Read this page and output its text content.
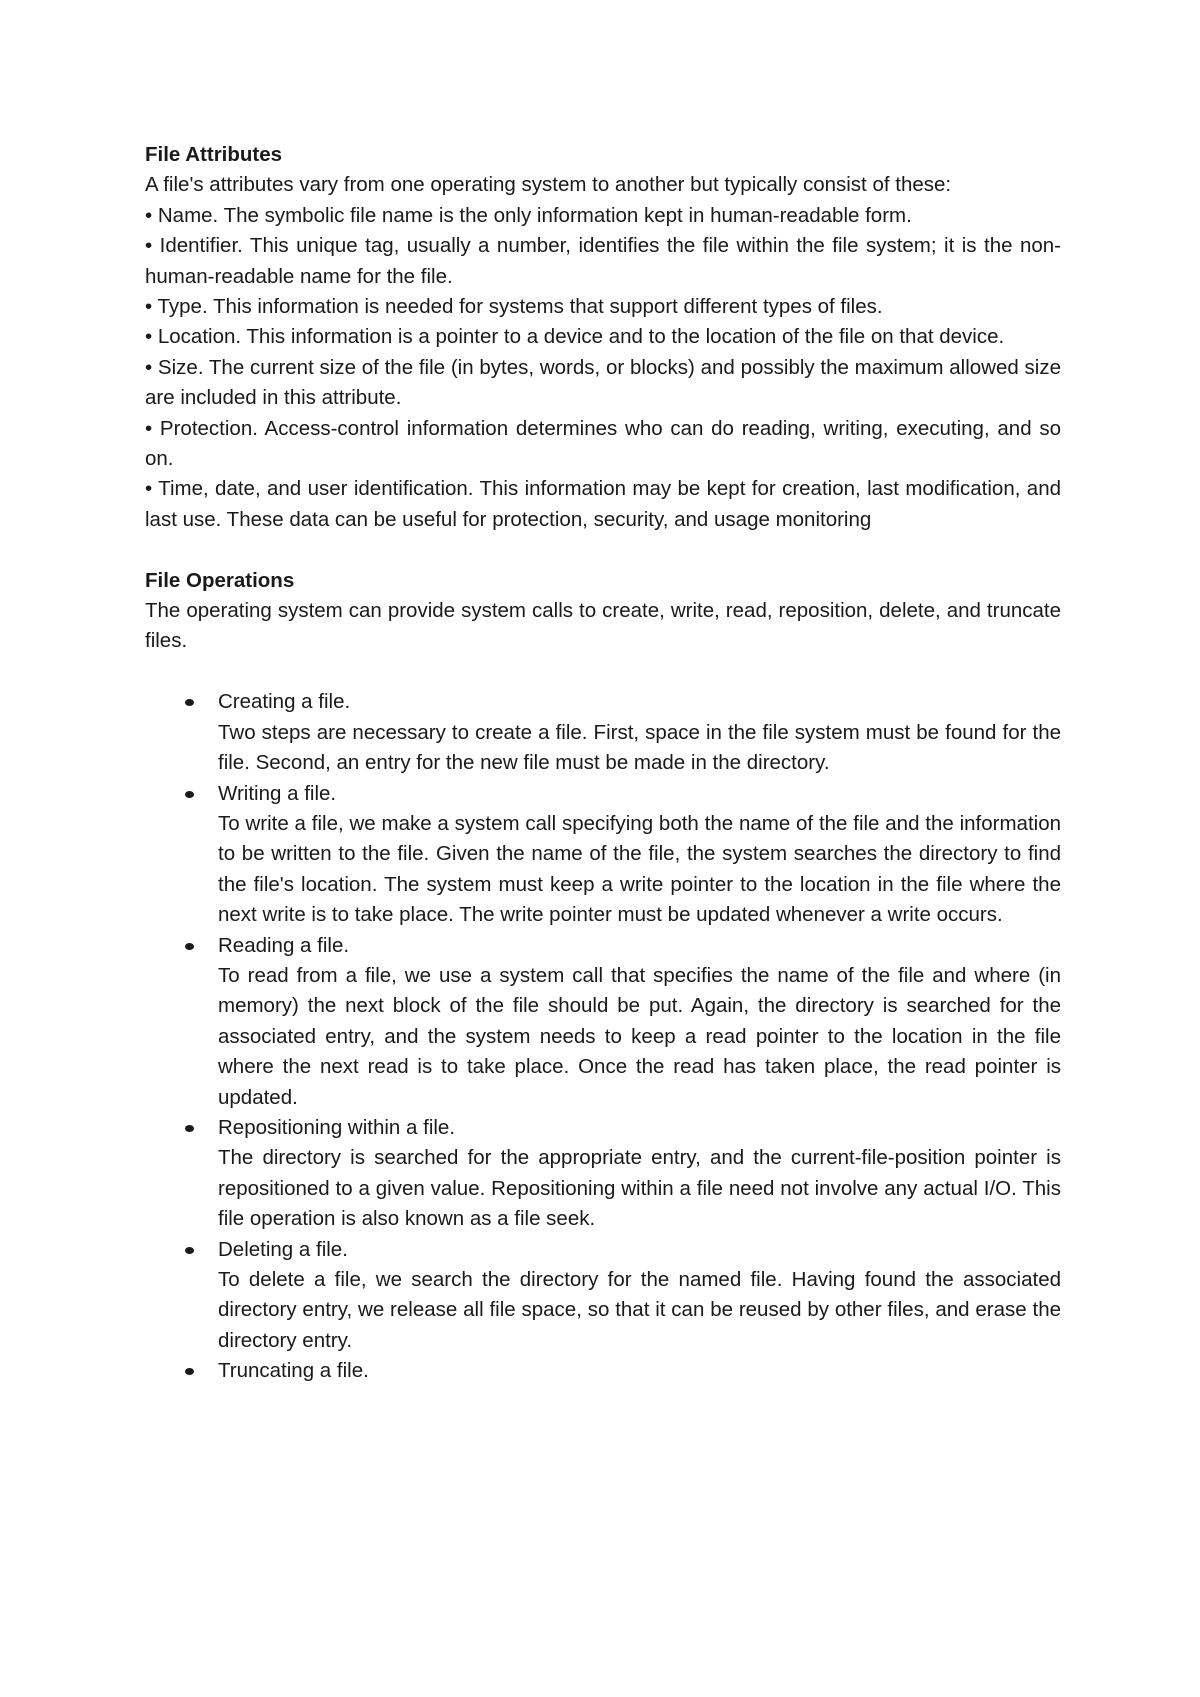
File Attributes

A file's attributes vary from one operating system to another but typically consist of these:

• Name. The symbolic file name is the only information kept in human-readable form.

• Identifier. This unique tag, usually a number, identifies the file within the file system; it is the non-human-readable name for the file.

• Type. This information is needed for systems that support different types of files.

• Location. This information is a pointer to a device and to the location of the file on that device.

• Size. The current size of the file (in bytes, words, or blocks) and possibly the maximum allowed size are included in this attribute.

• Protection. Access-control information determines who can do reading, writing, executing, and so on.

• Time, date, and user identification. This information may be kept for creation, last modification, and last use. These data can be useful for protection, security, and usage monitoring

File Operations

The operating system can provide system calls to create, write, read, reposition, delete, and truncate files.

Creating a file.
Two steps are necessary to create a file. First, space in the file system must be found for the file. Second, an entry for the new file must be made in the directory.
Writing a file.
To write a file, we make a system call specifying both the name of the file and the information to be written to the file. Given the name of the file, the system searches the directory to find the file's location. The system must keep a write pointer to the location in the file where the next write is to take place. The write pointer must be updated whenever a write occurs.
Reading a file.
To read from a file, we use a system call that specifies the name of the file and where (in memory) the next block of the file should be put. Again, the directory is searched for the associated entry, and the system needs to keep a read pointer to the location in the file where the next read is to take place. Once the read has taken place, the read pointer is updated.
Repositioning within a file.
The directory is searched for the appropriate entry, and the current-file-position pointer is repositioned to a given value. Repositioning within a file need not involve any actual I/O. This file operation is also known as a file seek.
Deleting a file.
To delete a file, we search the directory for the named file. Having found the associated directory entry, we release all file space, so that it can be reused by other files, and erase the directory entry.
Truncating a file.
